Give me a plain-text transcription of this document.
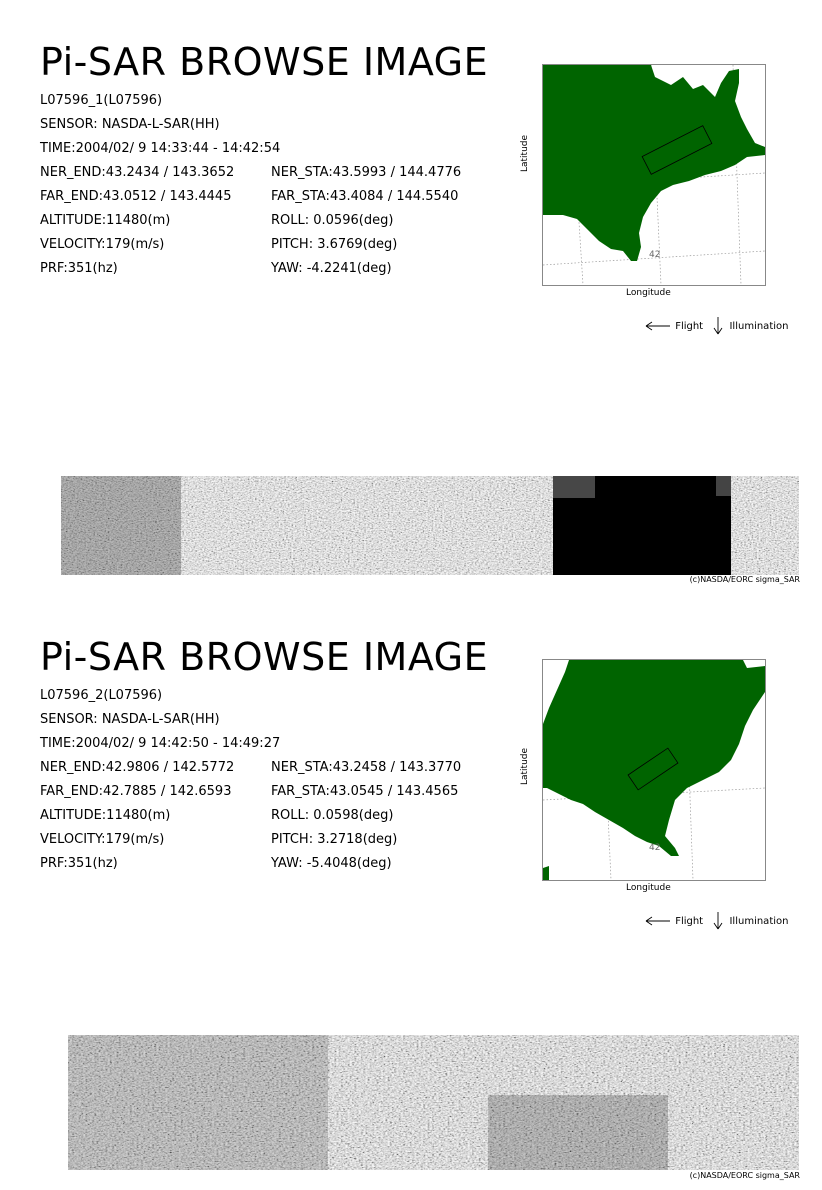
Pi-SAR BROWSE IMAGE
L07596_1(L07596)
SENSOR: NASDA-L-SAR(HH)
TIME:2004/02/ 9 14:33:44 - 14:42:54
NER_END:43.2434 / 143.3652	NER_STA:43.5993 / 144.4776
FAR_END:43.0512 / 143.4445	FAR_STA:43.4084 / 144.5540
ALTITUDE:11480(m)	ROLL: 0.0596(deg)
VELOCITY:179(m/s)	PITCH: 3.6769(deg)
PRF:351(hz)	YAW: -4.2241(deg)
42
Latitude
Longitude
Flight	Illumination
(c)NASDA/EORC sigma_SAR
Pi-SAR BROWSE IMAGE
L07596_2(L07596)
SENSOR: NASDA-L-SAR(HH)
TIME:2004/02/ 9 14:42:50 - 14:49:27
NER_END:42.9806 / 142.5772	NER_STA:43.2458 / 143.3770
FAR_END:42.7885 / 142.6593	FAR_STA:43.0545 / 143.4565
ALTITUDE:11480(m)	ROLL: 0.0598(deg)
VELOCITY:179(m/s)	PITCH: 3.2718(deg)
PRF:351(hz)	YAW: -5.4048(deg)
42
Latitude
Longitude
Flight	Illumination
(c)NASDA/EORC sigma_SAR
